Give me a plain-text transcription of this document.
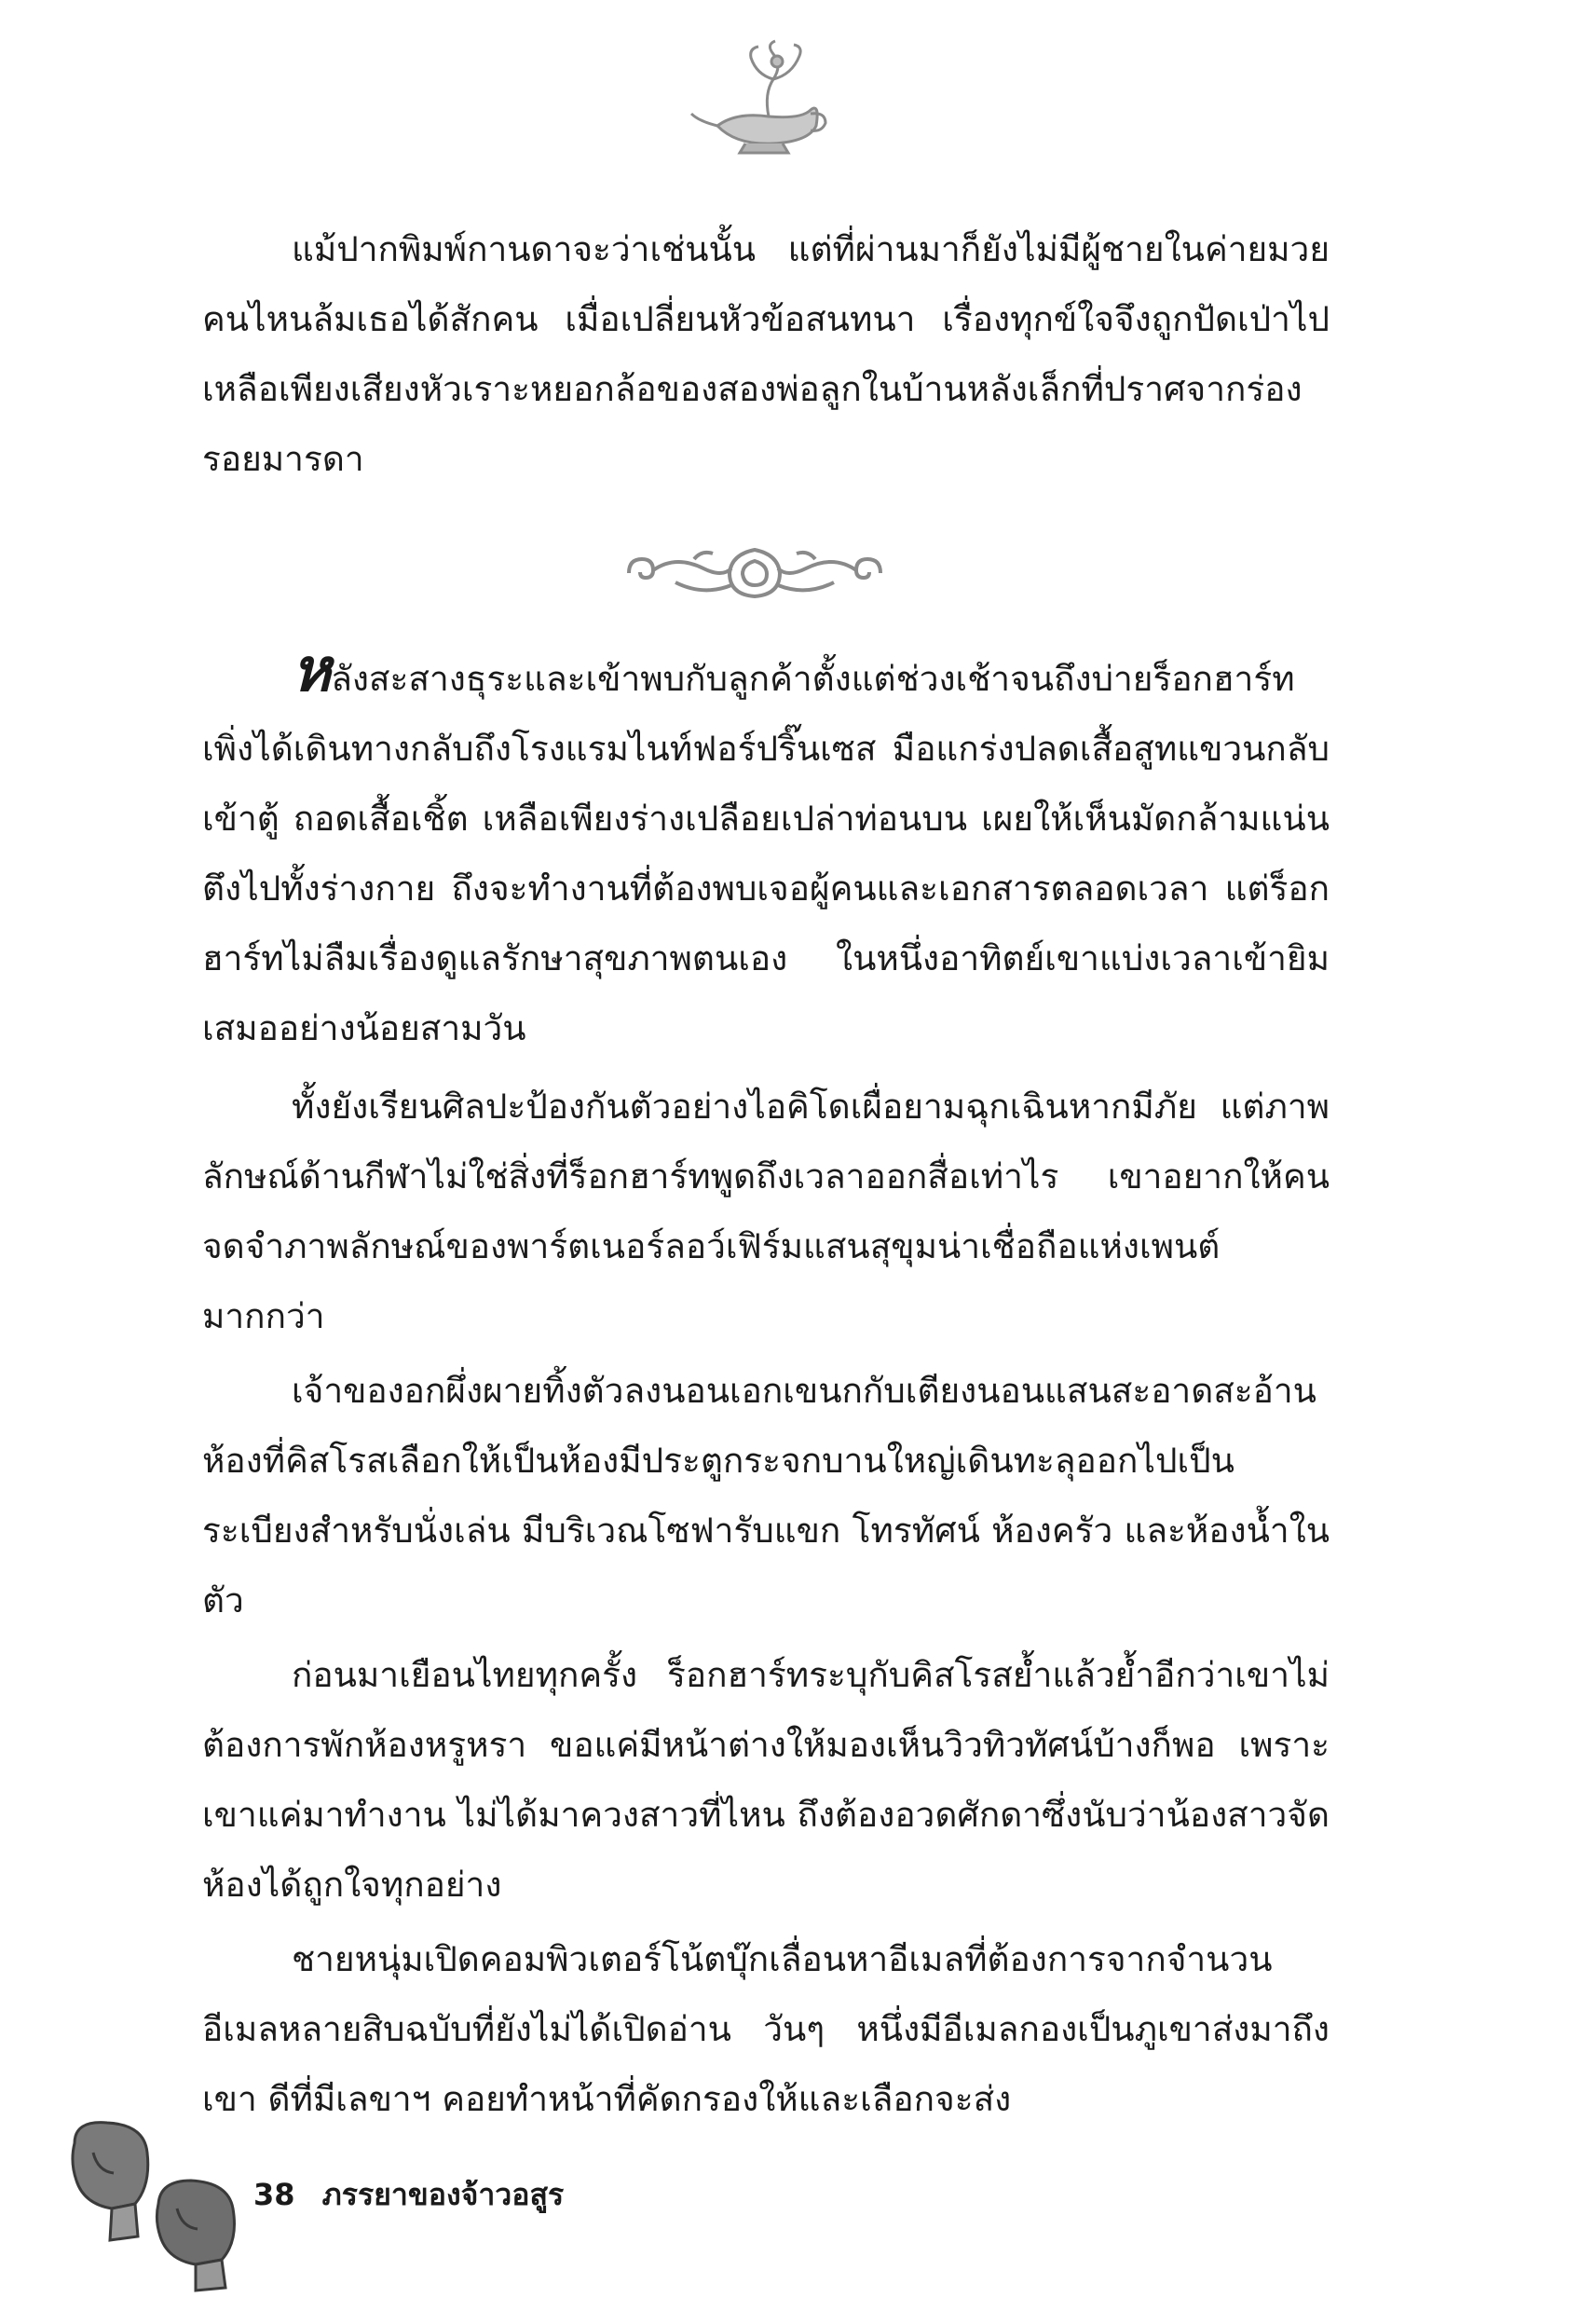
แม้ปากพิมพ์กานดาจะว่าเช่นนั้น แต่ที่ผ่านมาก็ยังไม่มีผู้ชายในค่ายมวยคนไหนล้มเธอได้สักคน เมื่อเปลี่ยนหัวข้อสนทนา เรื่องทุกข์ใจจึงถูกปัดเป่าไป เหลือเพียงเสียงหัวเราะหยอกล้อของสองพ่อลูกในบ้านหลังเล็กที่ปราศจากร่องรอยมารดา

หลังสะสางธุระและเข้าพบกับลูกค้าตั้งแต่ช่วงเช้าจนถึงบ่ายร็อกฮาร์ทเพิ่งได้เดินทางกลับถึงโรงแรมไนท์ฟอร์ปริ๊นเซส มือแกร่งปลดเสื้อสูทแขวนกลับเข้าตู้ ถอดเสื้อเชิ้ต เหลือเพียงร่างเปลือยเปล่าท่อนบน เผยให้เห็นมัดกล้ามแน่นตึงไปทั้งร่างกาย ถึงจะทำงานที่ต้องพบเจอผู้คนและเอกสารตลอดเวลา แต่ร็อกฮาร์ทไม่ลืมเรื่องดูแลรักษาสุขภาพตนเอง ในหนึ่งอาทิตย์เขาแบ่งเวลาเข้ายิมเสมออย่างน้อยสามวัน

ทั้งยังเรียนศิลปะป้องกันตัวอย่างไอคิโดเผื่อยามฉุกเฉินหากมีภัย แต่ภาพลักษณ์ด้านกีฬาไม่ใช่สิ่งที่ร็อกฮาร์ทพูดถึงเวลาออกสื่อเท่าไร เขาอยากให้คนจดจำภาพลักษณ์ของพาร์ตเนอร์ลอว์เฟิร์มแสนสุขุมน่าเชื่อถือแห่งเพนต์มากกว่า

เจ้าของอกผึ่งผายทิ้งตัวลงนอนเอกเขนกกับเตียงนอนแสนสะอาดสะอ้าน ห้องที่คิสโรสเลือกให้เป็นห้องมีประตูกระจกบานใหญ่เดินทะลุออกไปเป็นระเบียงสำหรับนั่งเล่น มีบริเวณโซฟารับแขก โทรทัศน์ ห้องครัว และห้องน้ำในตัว

ก่อนมาเยือนไทยทุกครั้ง ร็อกฮาร์ทระบุกับคิสโรสย้ำแล้วย้ำอีกว่าเขาไม่ต้องการพักห้องหรูหรา ขอแค่มีหน้าต่างให้มองเห็นวิวทิวทัศน์บ้างก็พอ เพราะเขาแค่มาทำงาน ไม่ได้มาควงสาวที่ไหน ถึงต้องอวดศักดาซึ่งนับว่าน้องสาวจัดห้องได้ถูกใจทุกอย่าง

ชายหนุ่มเปิดคอมพิวเตอร์โน้ตบุ๊กเลื่อนหาอีเมลที่ต้องการจากจำนวนอีเมลหลายสิบฉบับที่ยังไม่ได้เปิดอ่าน วันๆ หนึ่งมีอีเมลกองเป็นภูเขาส่งมาถึงเขา ดีที่มีเลขาฯ คอยทำหน้าที่คัดกรองให้และเลือกจะส่ง

38 ภรรยาของจ้าวอสูร
